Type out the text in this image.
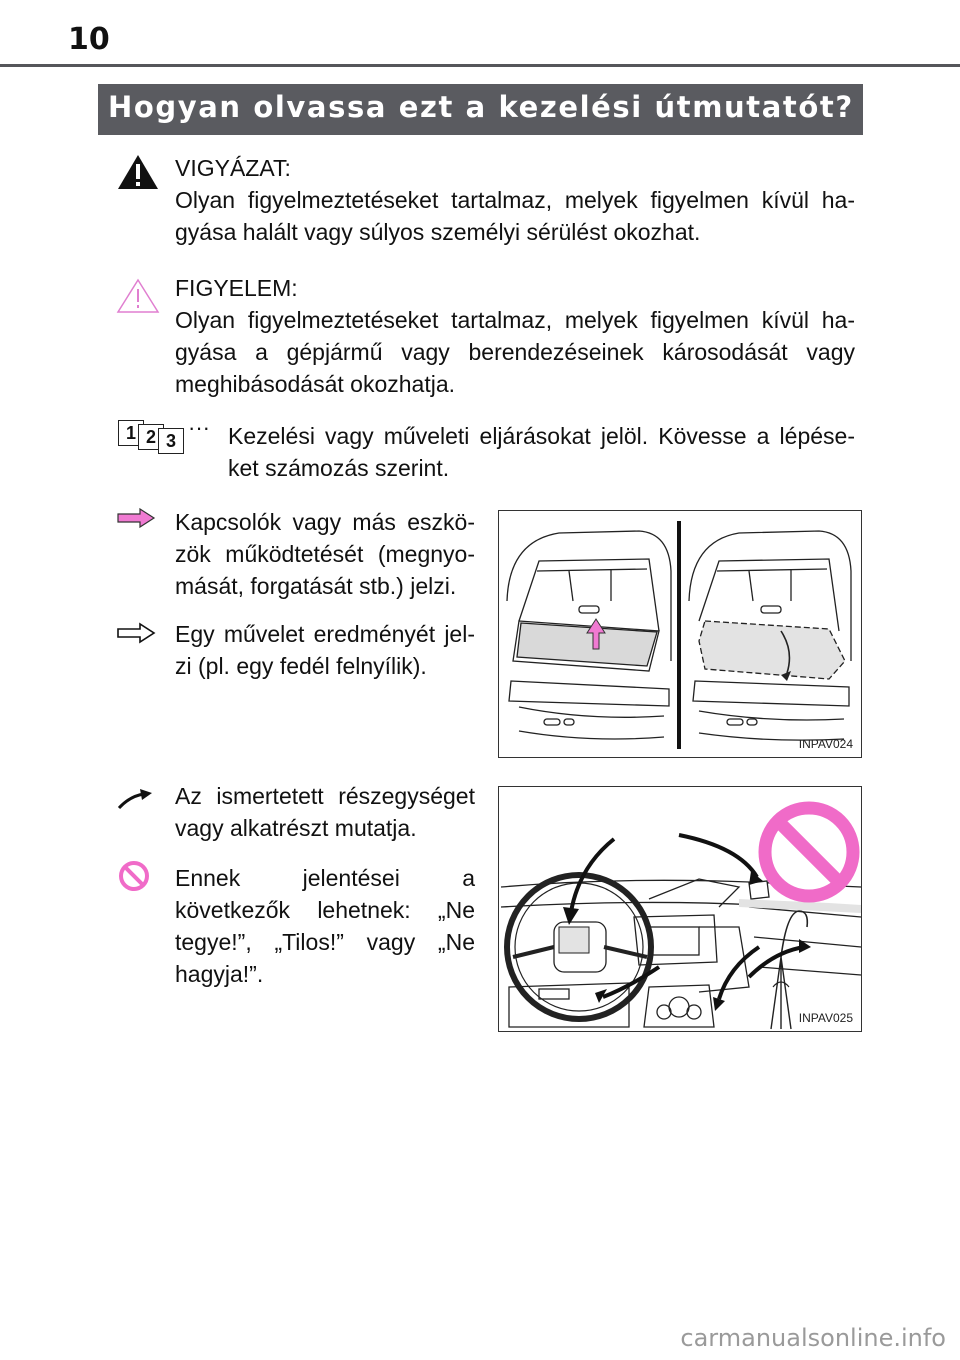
10
Hogyan olvassa ezt a kezelési útmutatót?

VIGYÁZAT:

Olyan figyelmeztetéseket tartalmaz, melyek figyelmen kívül ha- gyása halált vagy súlyos személyi sérülést okozhat.

FIGYELEM:

Olyan figyelmeztetéseket tartalmaz, melyek figyelmen kívül ha- gyása a gépjármű vagy berendezéseinek károsodását vagy meghibásodását okozhatja.

1 2 3
··· Kezelési vagy műveleti eljárásokat jelöl. Kövesse a lépése- ket számozás szerint.
Kapcsolók vagy más eszkö- zök működtetését (megnyo- mását, forgatását stb.) jelzi.
Egy művelet eredményét jel- zi (pl. egy fedél felnyílik).
Az ismertetett részegységet vagy alkatrészt mutatja.
Ennek jelentései a következők lehetnek: „Ne tegye!”, „Tilos!” vagy „Ne hagyja!”.
INPAV024
INPAV025
carmanualsonline.info
